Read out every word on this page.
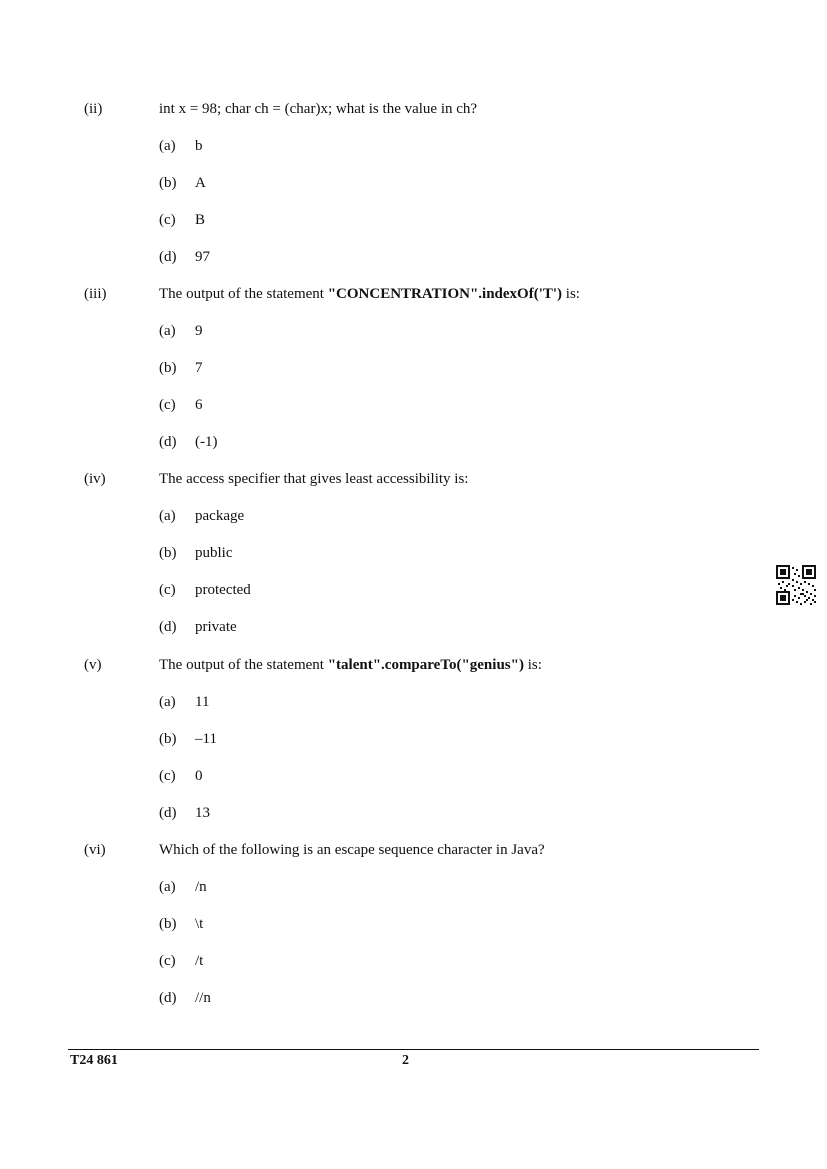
(ii)	int x = 98; char ch = (char)x; what is the value in ch?
(a) b
(b) A
(c) B
(d) 97
(iii)	The output of the statement "CONCENTRATION".indexOf('T') is:
(a) 9
(b) 7
(c) 6
(d) (-1)
(iv)	The access specifier that gives least accessibility is:
(a) package
(b) public
(c) protected
(d) private
(v)	The output of the statement "talent".compareTo("genius") is:
(a) 11
(b) –11
(c) 0
(d) 13
(vi)	Which of the following is an escape sequence character in Java?
(a) /n
(b) \t
(c) /t
(d) //n
T24 861	2
